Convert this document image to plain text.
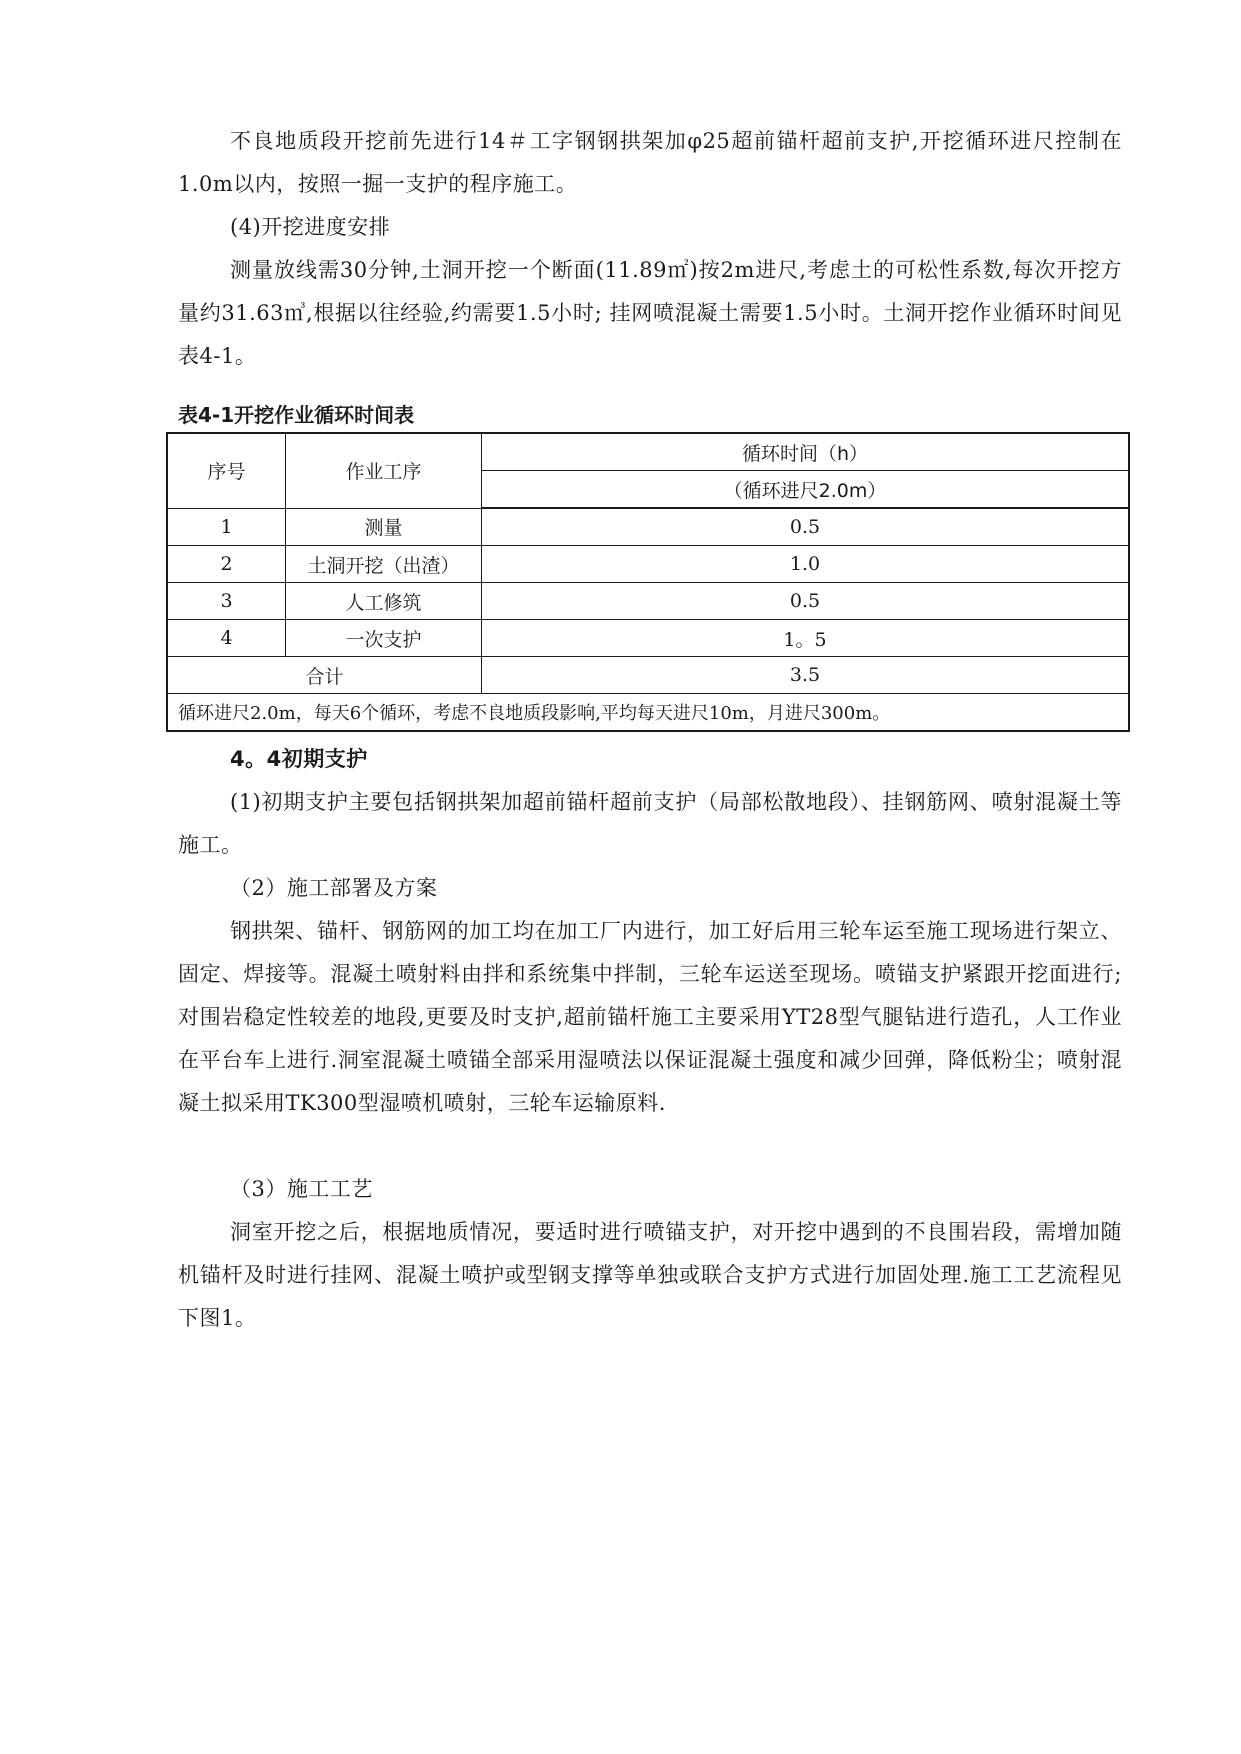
不良地质段开挖前先进行14＃工字钢钢拱架加φ25超前锚杆超前支护,开挖循环进尺控制在1.0m以内，按照一掘一支护的程序施工。

(4)开挖进度安排

测量放线需30分钟,土洞开挖一个断面(11.89㎡)按2m进尺,考虑土的可松性系数,每次开挖方量约31.63㎥,根据以往经验,约需要1.5小时; 挂网喷混凝土需要1.5小时。土洞开挖作业循环时间见表4-1。

表4-1开挖作业循环时间表

序号	作业工序	循环时间（h）
		（循环进尺2.0m）
1	测量	0.5
2	土洞开挖（出渣）	1.0
3	人工修筑	0.5
4	一次支护	1。5
合计		3.5
循环进尺2.0m，每天6个循环，考虑不良地质段影响,平均每天进尺10m，月进尺300m。		

4。4初期支护

(1)初期支护主要包括钢拱架加超前锚杆超前支护（局部松散地段）、挂钢筋网、喷射混凝土等施工。

（2）施工部署及方案

钢拱架、锚杆、钢筋网的加工均在加工厂内进行，加工好后用三轮车运至施工现场进行架立、固定、焊接等。混凝土喷射料由拌和系统集中拌制，三轮车运送至现场。喷锚支护紧跟开挖面进行;对围岩稳定性较差的地段,更要及时支护,超前锚杆施工主要采用YT28型气腿钻进行造孔，人工作业在平台车上进行.洞室混凝土喷锚全部采用湿喷法以保证混凝土强度和减少回弹，降低粉尘；喷射混凝土拟采用TK300型湿喷机喷射，三轮车运输原料.

（3）施工工艺

洞室开挖之后，根据地质情况，要适时进行喷锚支护，对开挖中遇到的不良围岩段，需增加随机锚杆及时进行挂网、混凝土喷护或型钢支撑等单独或联合支护方式进行加固处理.施工工艺流程见下图1。
